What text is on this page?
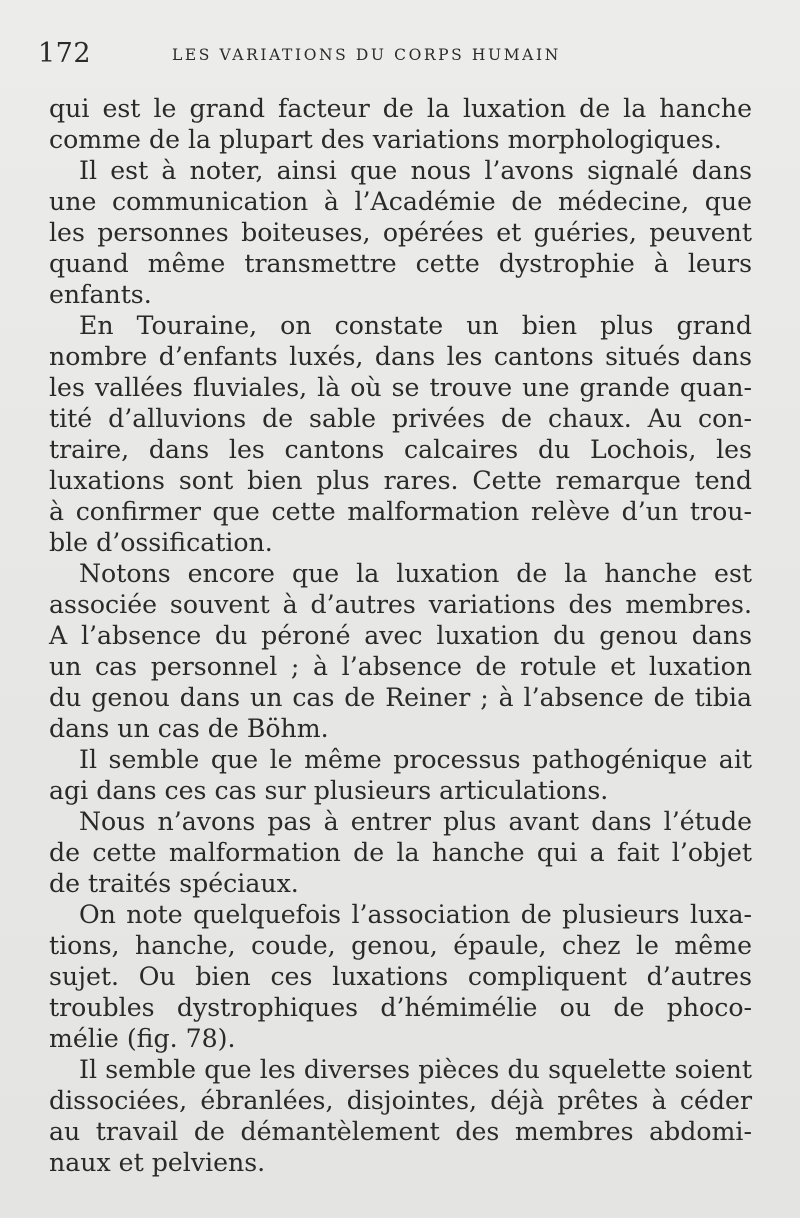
172	LES VARIATIONS DU CORPS HUMAIN
qui est le grand facteur de la luxation de la hanche
comme de la plupart des variations morphologiques.
Il est à noter, ainsi que nous l’avons signalé dans
une communication à l’Académie de médecine, que
les personnes boiteuses, opérées et guéries, peuvent
quand même transmettre cette dystrophie à leurs
enfants.
En Touraine, on constate un bien plus grand
nombre d’enfants luxés, dans les cantons situés dans
les vallées fluviales, là où se trouve une grande quan-
tité d’alluvions de sable privées de chaux. Au con-
traire, dans les cantons calcaires du Lochois, les
luxations sont bien plus rares. Cette remarque tend
à confirmer que cette malformation relève d’un trou-
ble d’ossification.
Notons encore que la luxation de la hanche est
associée souvent à d’autres variations des membres.
A l’absence du péroné avec luxation du genou dans
un cas personnel ; à l’absence de rotule et luxation
du genou dans un cas de Reiner ; à l’absence de tibia
dans un cas de Böhm.
Il semble que le même processus pathogénique ait
agi dans ces cas sur plusieurs articulations.
Nous n’avons pas à entrer plus avant dans l’étude
de cette malformation de la hanche qui a fait l’objet
de traités spéciaux.
On note quelquefois l’association de plusieurs luxa-
tions, hanche, coude, genou, épaule, chez le même
sujet. Ou bien ces luxations compliquent d’autres
troubles dystrophiques d’hémimélie ou de phoco-
mélie (fig. 78).
Il semble que les diverses pièces du squelette soient
dissociées, ébranlées, disjointes, déjà prêtes à céder
au travail de démantèlement des membres abdomi-
naux et pelviens.
